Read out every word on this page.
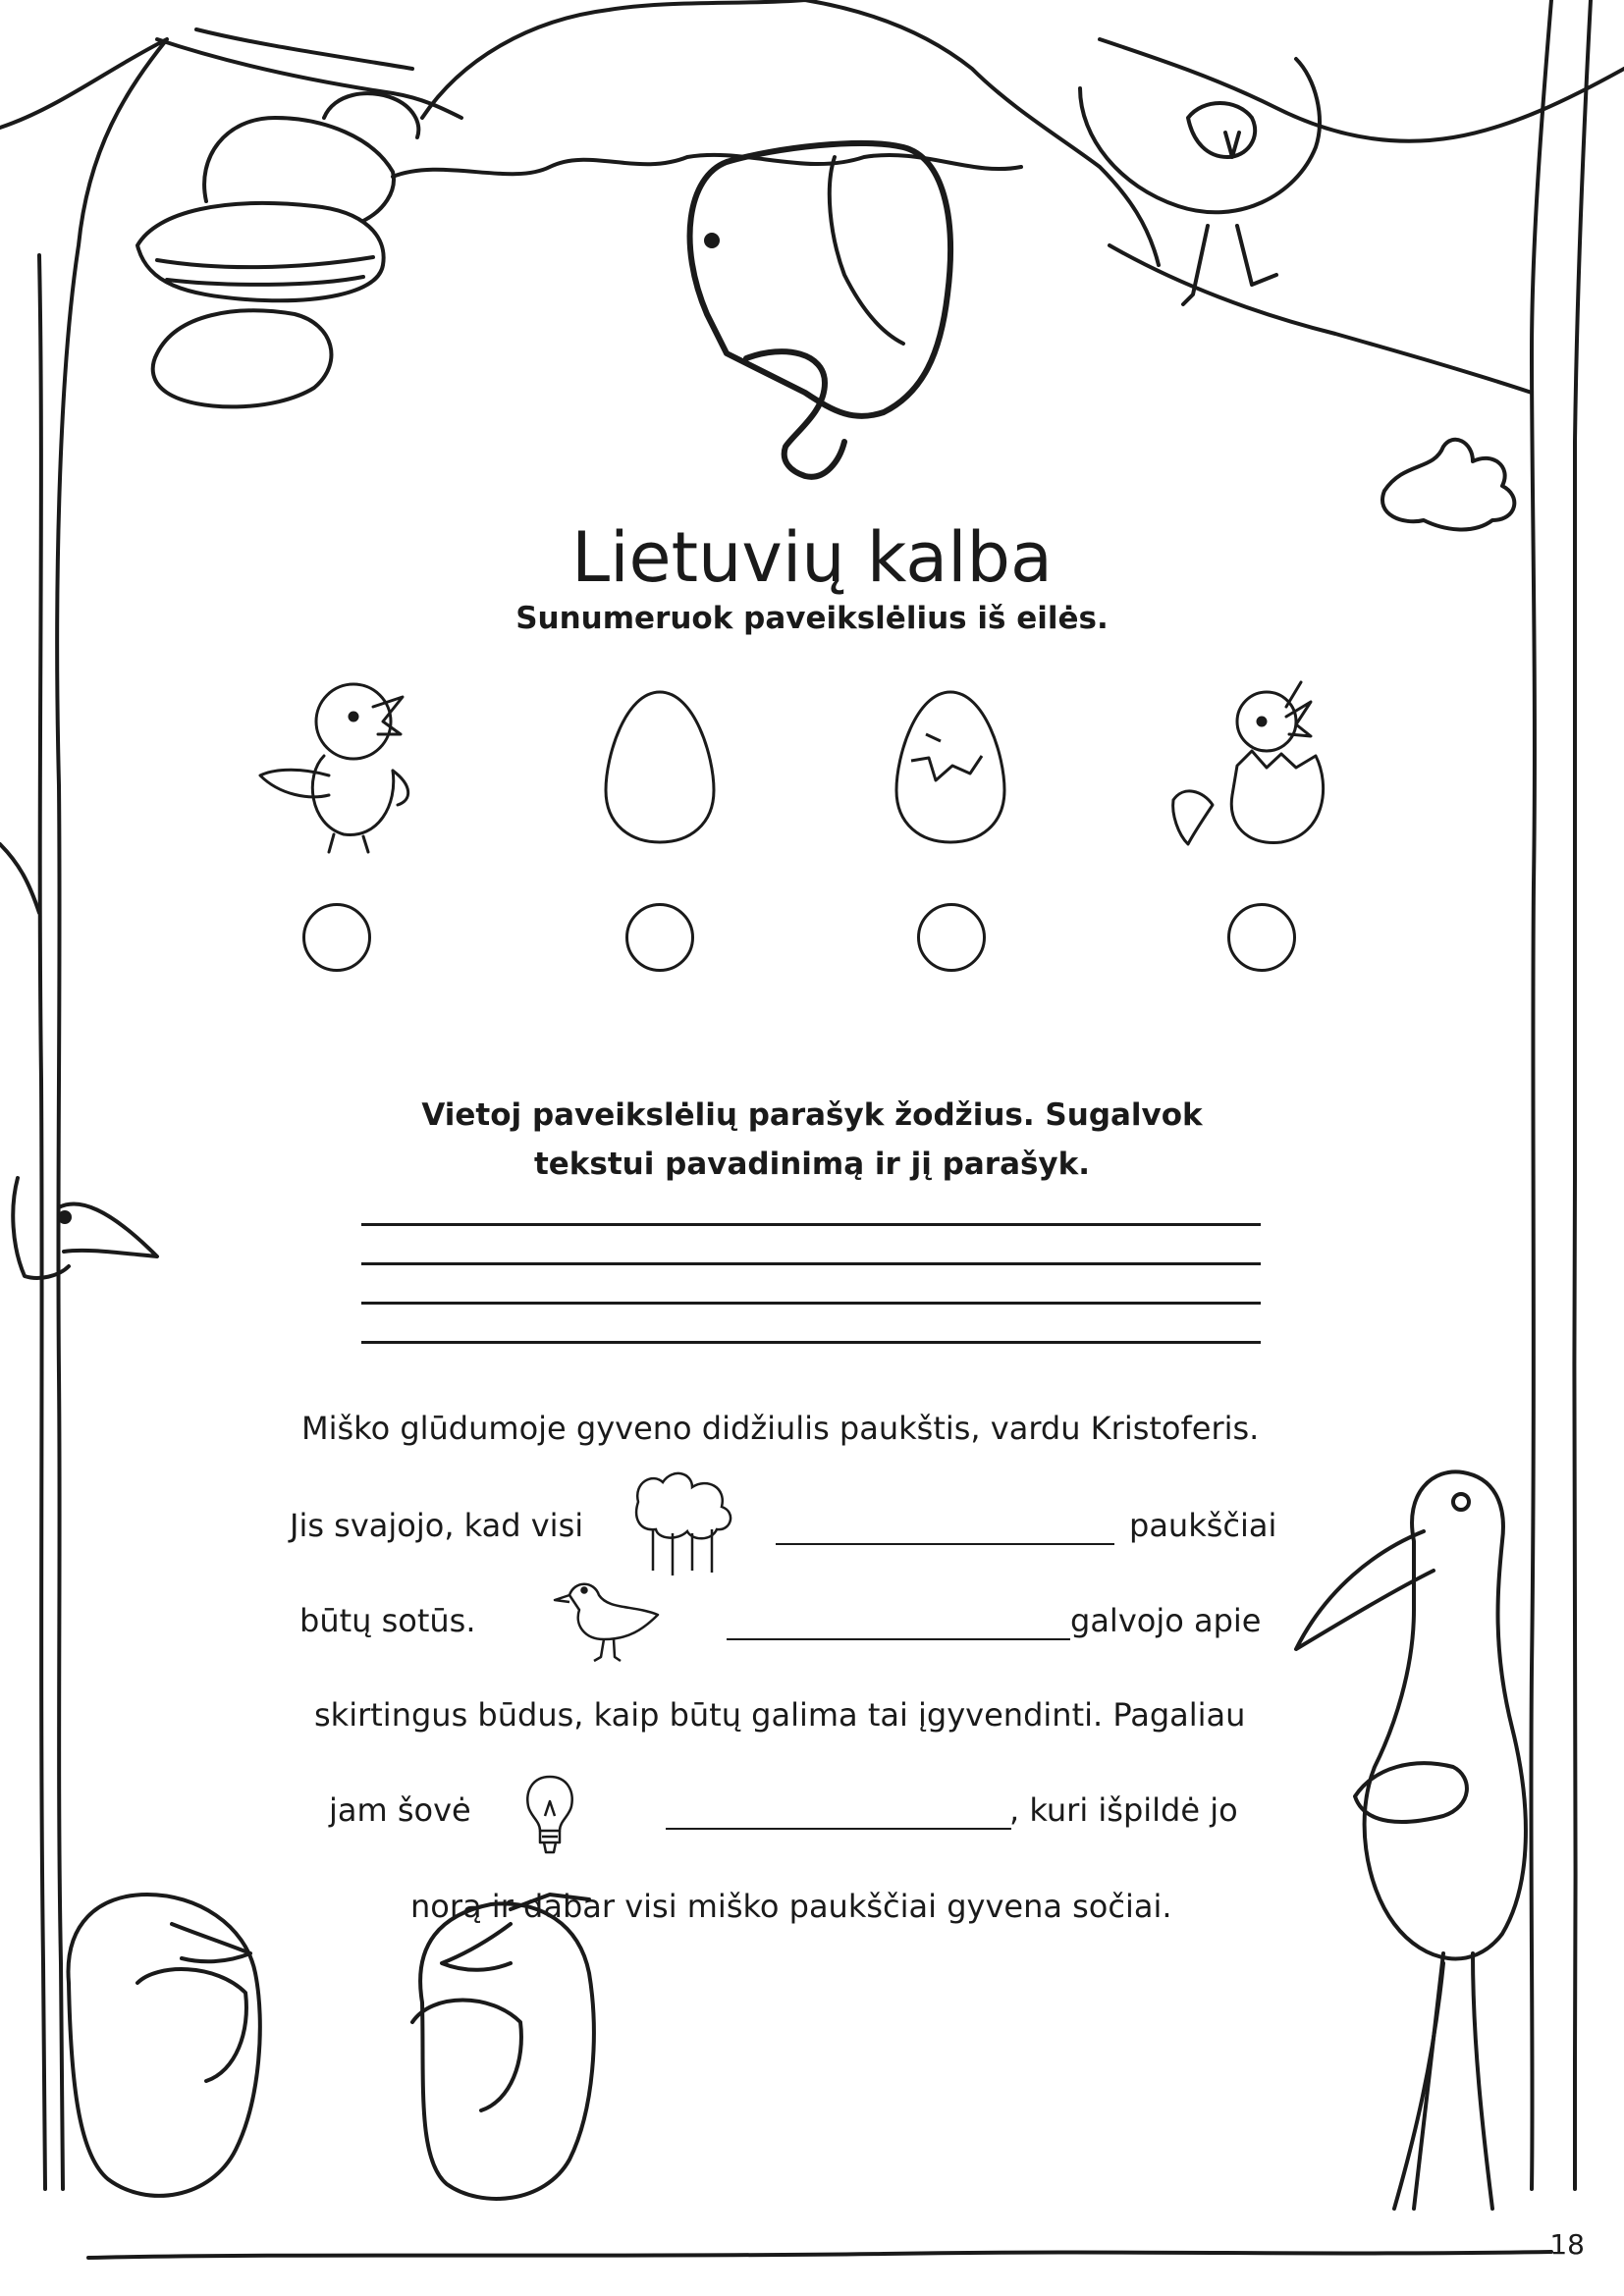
Lietuvių kalba
Sunumeruok paveikslėlius iš eilės.
Vietoj paveikslėlių parašyk žodžius. Sugalvok
tekstui pavadinimą ir jį parašyk.
Miško glūdumoje gyveno didžiulis paukštis, vardu Kristoferis.
Jis svajojo, kad visi	paukščiai
būtų sotūs.	galvojo apie
skirtingus būdus, kaip būtų galima tai įgyvendinti. Pagaliau
jam šovė	, kuri išpildė jo
norą ir dabar visi miško paukščiai gyvena sočiai.
18
